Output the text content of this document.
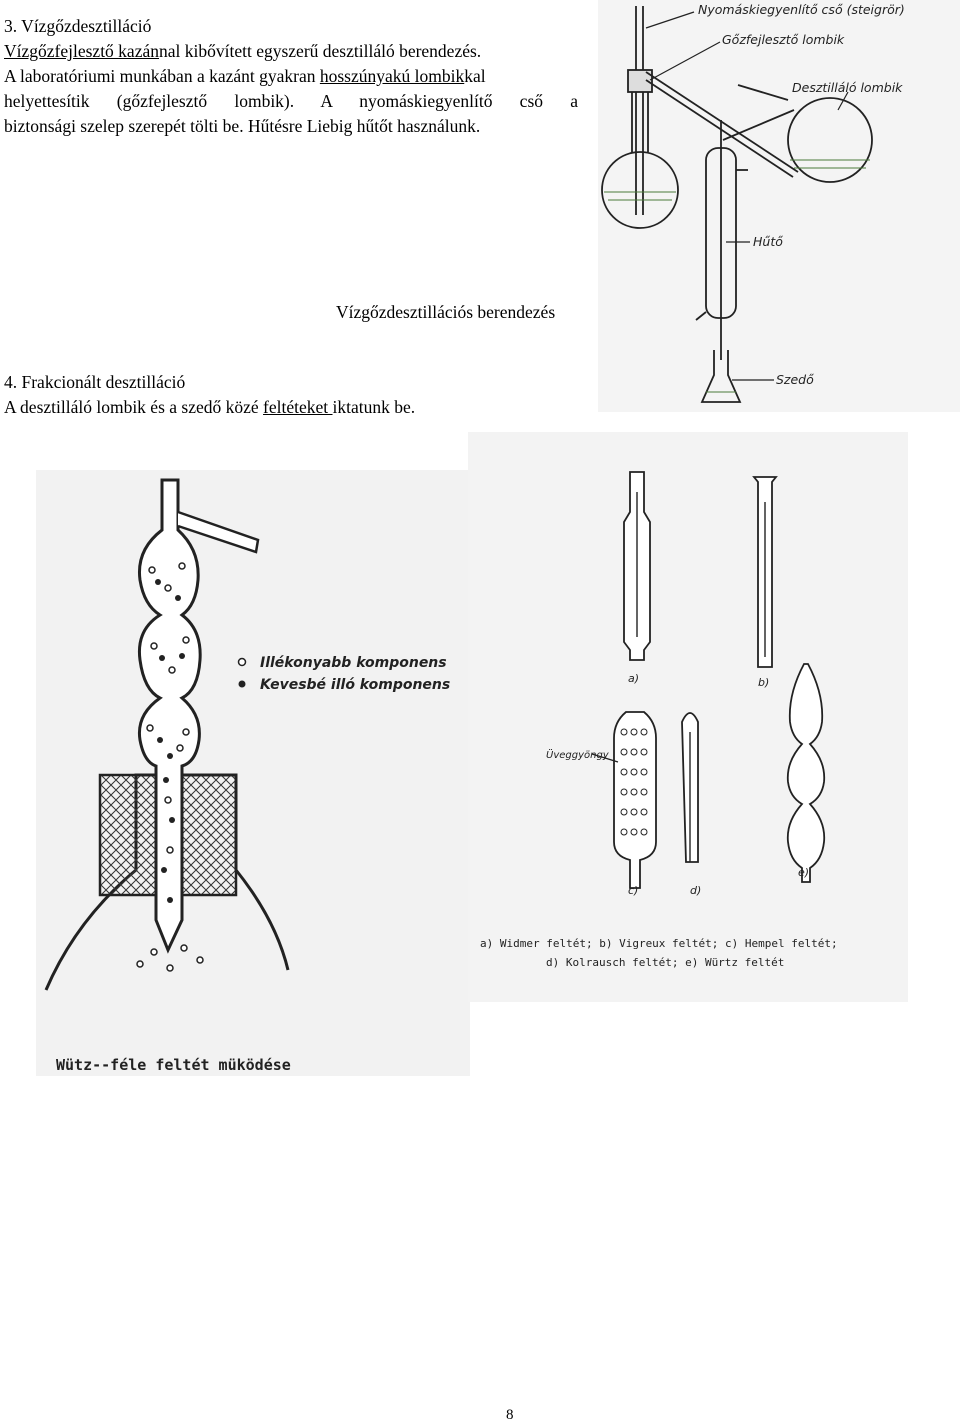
3. Vízgőzdesztilláció
Vízgőzfejlesztő kazánnal kibővített egyszerű desztilláló berendezés.
A laboratóriumi munkában a kazánt gyakran hosszúnyakú lombikkal
helyettesítik (gőzfejlesztő lombik). A nyomáskiegyenlítő cső a
biztonsági szelep szerepét tölti be. Hűtésre Liebig hűtőt használunk.
Nyomáskiegyenlítő cső (steigrör)
Gőzfejlesztő lombik
Desztilláló lombik
Hűtő
Szedő
Vízgőzdesztillációs berendezés
4. Frakcionált desztilláció
A desztilláló lombik és a szedő közé feltéteket iktatunk be.
Illékonyabb komponens
Kevesbé illó komponens
Wütz--féle feltét müködése
Üveggyöngy
a)	b)
c)	d)
e)
a) Widmer feltét; b) Vigreux feltét; c) Hempel feltét;
d) Kolrausch feltét; e) Würtz feltét
8
